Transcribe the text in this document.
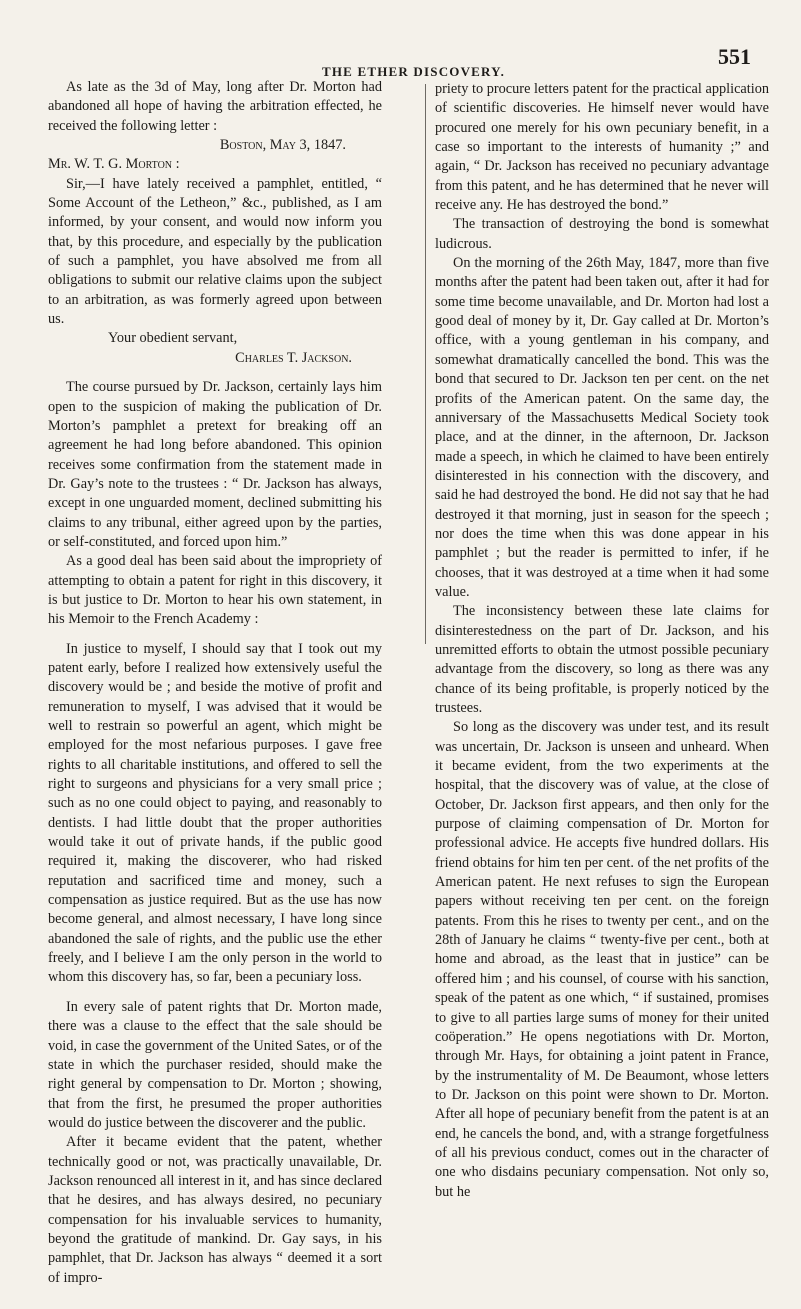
THE ETHER DISCOVERY.
551

As late as the 3d of May, long after Dr. Morton had abandoned all hope of having the arbitration effected, he received the following letter :

Boston, May 3, 1847.

Mr. W. T. G. Morton :

Sir,—I have lately received a pamphlet, entitled, “ Some Account of the Letheon,” &c., published, as I am informed, by your consent, and would now inform you that, by this procedure, and especially by the publication of such a pamphlet, you have absolved me from all obligations to submit our relative claims upon the subject to an arbitration, as was formerly agreed upon between us.

Your obedient servant,

Charles T. Jackson.

The course pursued by Dr. Jackson, certainly lays him open to the suspicion of making the publication of Dr. Morton’s pamphlet a pretext for breaking off an agreement he had long before abandoned. This opinion receives some confirmation from the statement made in Dr. Gay’s note to the trustees : “ Dr. Jackson has always, except in one unguarded moment, declined submitting his claims to any tribunal, either agreed upon by the parties, or self-constituted, and forced upon him.”

As a good deal has been said about the impropriety of attempting to obtain a patent for right in this discovery, it is but justice to Dr. Morton to hear his own statement, in his Memoir to the French Academy :

In justice to myself, I should say that I took out my patent early, before I realized how extensively useful the discovery would be ; and beside the motive of profit and remuneration to myself, I was advised that it would be well to restrain so powerful an agent, which might be employed for the most nefarious purposes. I gave free rights to all charitable institutions, and offered to sell the right to surgeons and physicians for a very small price ; such as no one could object to paying, and reasonably to dentists. I had little doubt that the proper authorities would take it out of private hands, if the public good required it, making the discoverer, who had risked reputation and sacrificed time and money, such a compensation as justice required. But as the use has now become general, and almost necessary, I have long since abandoned the sale of rights, and the public use the ether freely, and I believe I am the only person in the world to whom this discovery has, so far, been a pecuniary loss.

In every sale of patent rights that Dr. Morton made, there was a clause to the effect that the sale should be void, in case the government of the United Sates, or of the state in which the purchaser resided, should make the right general by compensation to Dr. Morton ; showing, that from the first, he presumed the proper authorities would do justice between the discoverer and the public.

After it became evident that the patent, whether technically good or not, was practically unavailable, Dr. Jackson renounced all interest in it, and has since declared that he desires, and has always desired, no pecuniary compensation for his invaluable services to humanity, beyond the gratitude of mankind. Dr. Gay says, in his pamphlet, that Dr. Jackson has always “ deemed it a sort of impro-

priety to procure letters patent for the practical application of scientific discoveries. He himself never would have procured one merely for his own pecuniary benefit, in a case so important to the interests of humanity ;” and again, “ Dr. Jackson has received no pecuniary advantage from this patent, and he has determined that he never will receive any. He has destroyed the bond.”

The transaction of destroying the bond is somewhat ludicrous.

On the morning of the 26th May, 1847, more than five months after the patent had been taken out, after it had for some time become unavailable, and Dr. Morton had lost a good deal of money by it, Dr. Gay called at Dr. Morton’s office, with a young gentleman in his company, and somewhat dramatically cancelled the bond. This was the bond that secured to Dr. Jackson ten per cent. on the net profits of the American patent. On the same day, the anniversary of the Massachusetts Medical Society took place, and at the dinner, in the afternoon, Dr. Jackson made a speech, in which he claimed to have been entirely disinterested in his connection with the discovery, and said he had destroyed the bond. He did not say that he had destroyed it that morning, just in season for the speech ; nor does the time when this was done appear in his pamphlet ; but the reader is permitted to infer, if he chooses, that it was destroyed at a time when it had some value.

The inconsistency between these late claims for disinterestedness on the part of Dr. Jackson, and his unremitted efforts to obtain the utmost possible pecuniary advantage from the discovery, so long as there was any chance of its being profitable, is properly noticed by the trustees.

So long as the discovery was under test, and its result was uncertain, Dr. Jackson is unseen and unheard. When it became evident, from the two experiments at the hospital, that the discovery was of value, at the close of October, Dr. Jackson first appears, and then only for the purpose of claiming compensation of Dr. Morton for professional advice. He accepts five hundred dollars. His friend obtains for him ten per cent. of the net profits of the American patent. He next refuses to sign the European papers without receiving ten per cent. on the foreign patents. From this he rises to twenty per cent., and on the 28th of January he claims “ twenty-five per cent., both at home and abroad, as the least that in justice” can be offered him ; and his counsel, of course with his sanction, speak of the patent as one which, “ if sustained, promises to give to all parties large sums of money for their united coöperation.” He opens negotiations with Dr. Morton, through Mr. Hays, for obtaining a joint patent in France, by the instrumentality of M. De Beaumont, whose letters to Dr. Jackson on this point were shown to Dr. Morton. After all hope of pecuniary benefit from the patent is at an end, he cancels the bond, and, with a strange forgetfulness of all his previous conduct, comes out in the character of one who disdains pecuniary compensation. Not only so, but he
